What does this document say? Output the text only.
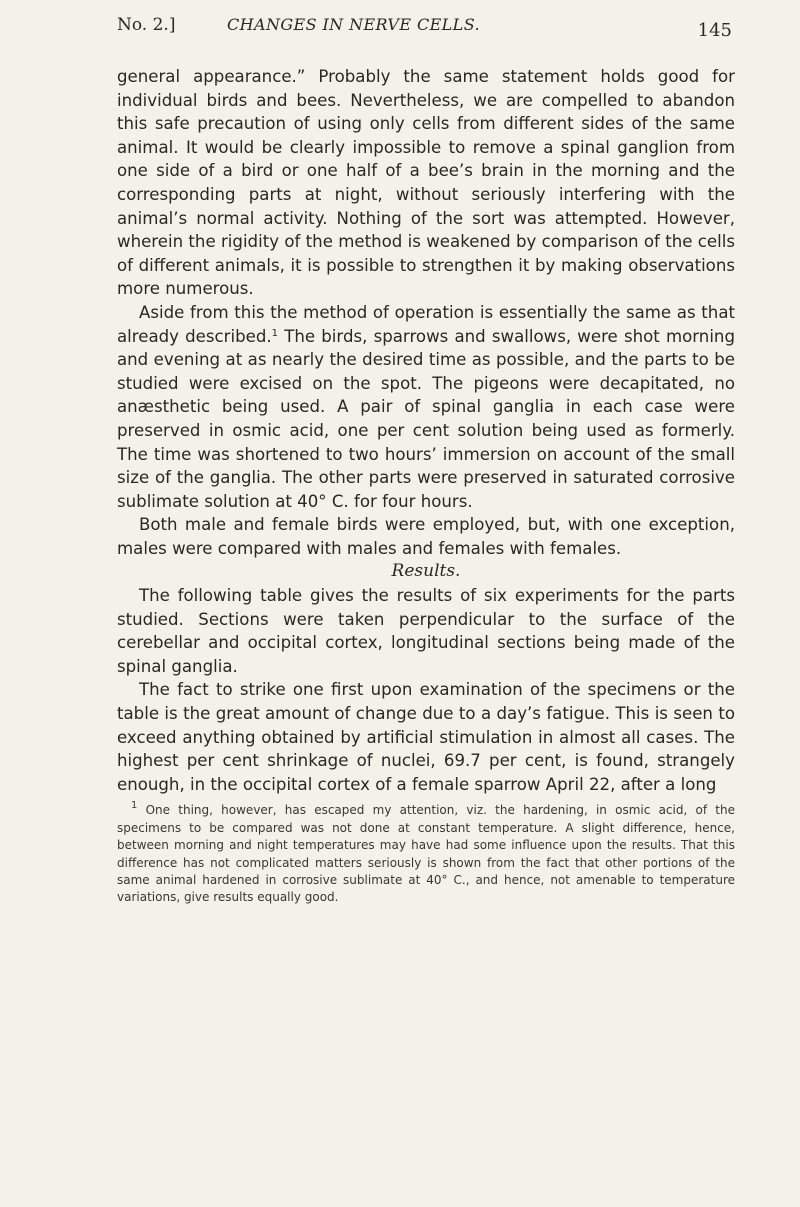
No. 2.]	CHANGES IN NERVE CELLS.	145

general appearance.” Probably the same statement holds good for individual birds and bees. Nevertheless, we are compelled to abandon this safe precaution of using only cells from different sides of the same animal. It would be clearly impossible to remove a spinal ganglion from one side of a bird or one half of a bee’s brain in the morning and the corresponding parts at night, without seriously interfering with the animal’s normal activity. Nothing of the sort was attempted. However, wherein the rigidity of the method is weakened by comparison of the cells of different animals, it is possible to strengthen it by making observations more numerous.

Aside from this the method of operation is essentially the same as that already described.$^1$ The birds, sparrows and swallows, were shot morning and evening at as nearly the desired time as possible, and the parts to be studied were excised on the spot. The pigeons were decapitated, no anæsthetic being used. A pair of spinal ganglia in each case were preserved in osmic acid, one per cent solution being used as formerly. The time was shortened to two hours’ immersion on account of the small size of the ganglia. The other parts were preserved in saturated corrosive sublimate solution at 40° C. for four hours.

Both male and female birds were employed, but, with one exception, males were compared with males and females with females.

Results.

The following table gives the results of six experiments for the parts studied. Sections were taken perpendicular to the surface of the cerebellar and occipital cortex, longitudinal sections being made of the spinal ganglia.

The fact to strike one first upon examination of the specimens or the table is the great amount of change due to a day’s fatigue. This is seen to exceed anything obtained by artificial stimulation in almost all cases. The highest per cent shrinkage of nuclei, 69.7 per cent, is found, strangely enough, in the occipital cortex of a female sparrow April 22, after a long

$^1$ One thing, however, has escaped my attention, viz. the hardening, in osmic acid, of the specimens to be compared was not done at constant temperature. A slight difference, hence, between morning and night temperatures may have had some influence upon the results. That this difference has not complicated matters seriously is shown from the fact that other portions of the same animal hardened in corrosive sublimate at 40° C., and hence, not amenable to temperature variations, give results equally good.
